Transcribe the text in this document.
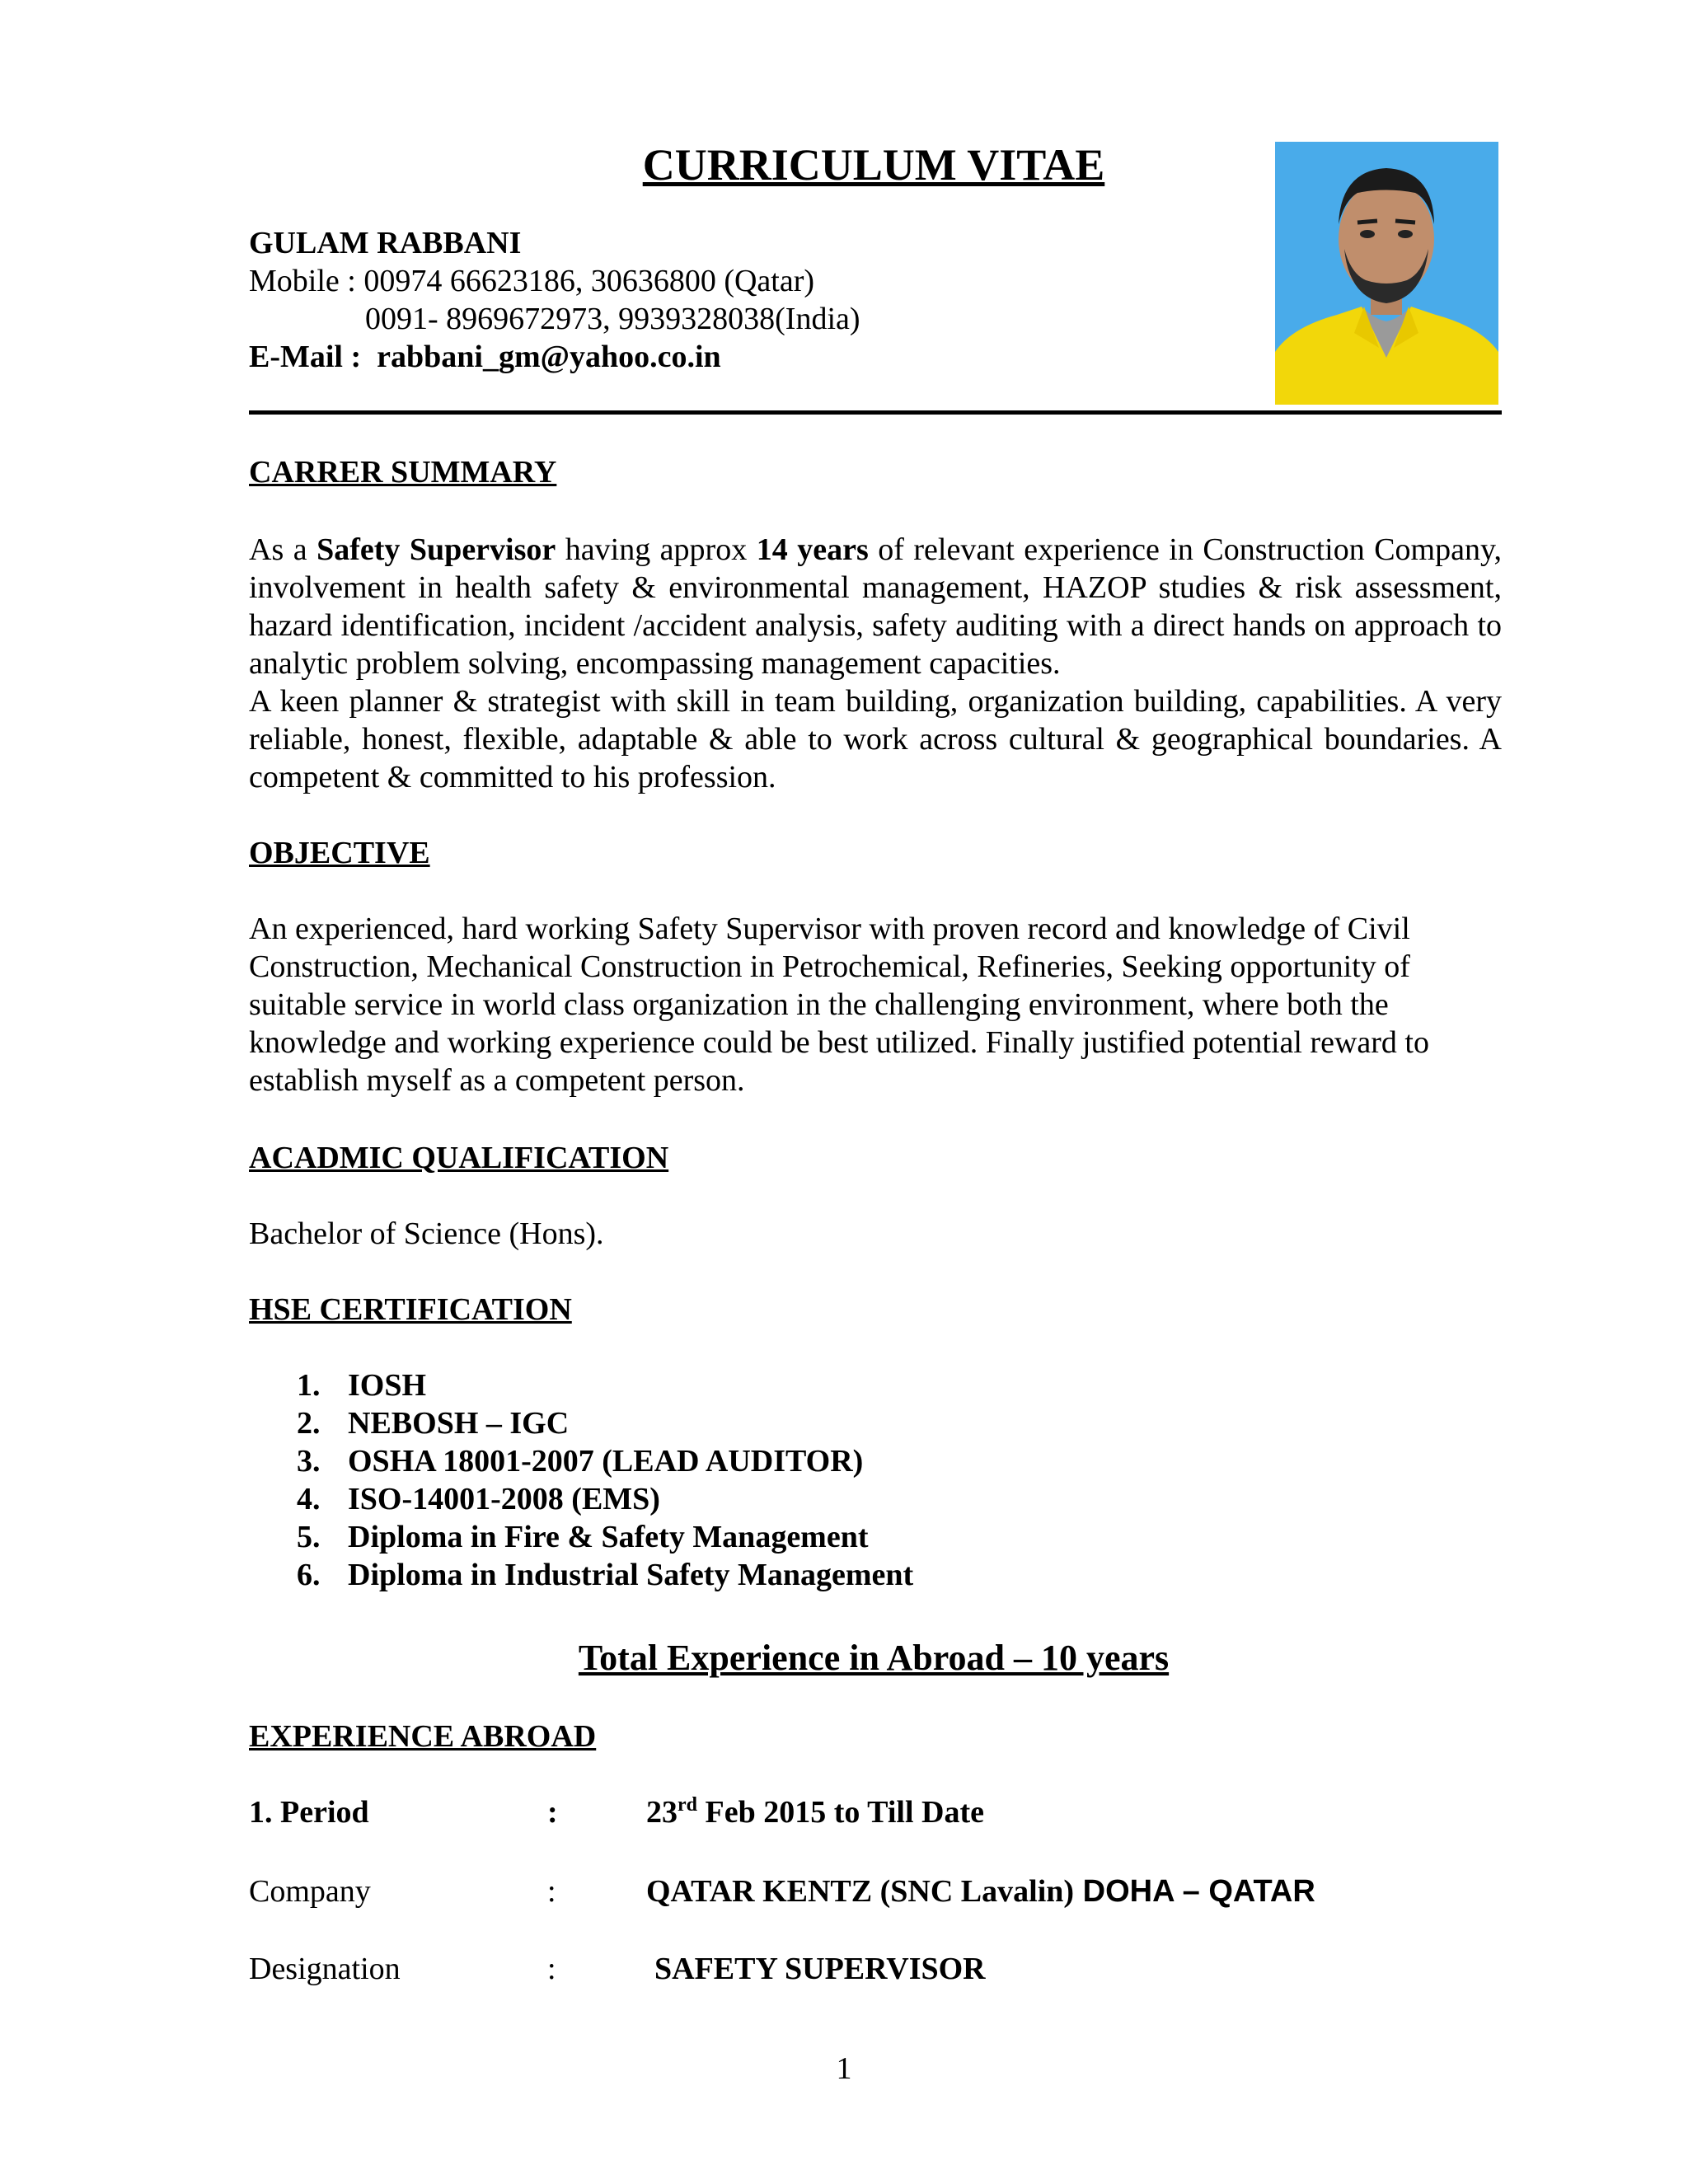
CURRICULUM VITAE
GULAM RABBANI
Mobile : 00974 66623186, 30636800 (Qatar)
0091- 8969672973, 9939328038(India)
E-Mail : rabbani_gm@yahoo.co.in
CARRER SUMMARY

As a Safety Supervisor having approx 14 years of relevant experience in Construction Company, involvement in health safety & environmental management, HAZOP studies & risk assessment, hazard identification, incident /accident analysis, safety auditing with a direct hands on approach to analytic problem solving, encompassing management capacities.

A keen planner & strategist with skill in team building, organization building, capabilities. A very reliable, honest, flexible, adaptable & able to work across cultural & geographical boundaries. A competent & committed to his profession.

OBJECTIVE

An experienced, hard working Safety Supervisor with proven record and knowledge of Civil

Construction, Mechanical Construction in Petrochemical, Refineries, Seeking opportunity of

suitable service in world class organization in the challenging environment, where both the

knowledge and working experience could be best utilized. Finally justified potential reward to

establish myself as a competent person.

ACADMIC QUALIFICATION
Bachelor of Science (Hons).
HSE CERTIFICATION
1. IOSH
2. NEBOSH – IGC
3. OSHA 18001-2007 (LEAD AUDITOR)
4. ISO-14001-2008 (EMS)
5. Diploma in Fire & Safety Management
6. Diploma in Industrial Safety Management
Total Experience in Abroad – 10 years
EXPERIENCE ABROAD
1. Period	:	23rd Feb 2015 to Till Date
Company	:	QATAR KENTZ (SNC Lavalin) DOHA – QATAR
Designation	:	SAFETY SUPERVISOR
1
